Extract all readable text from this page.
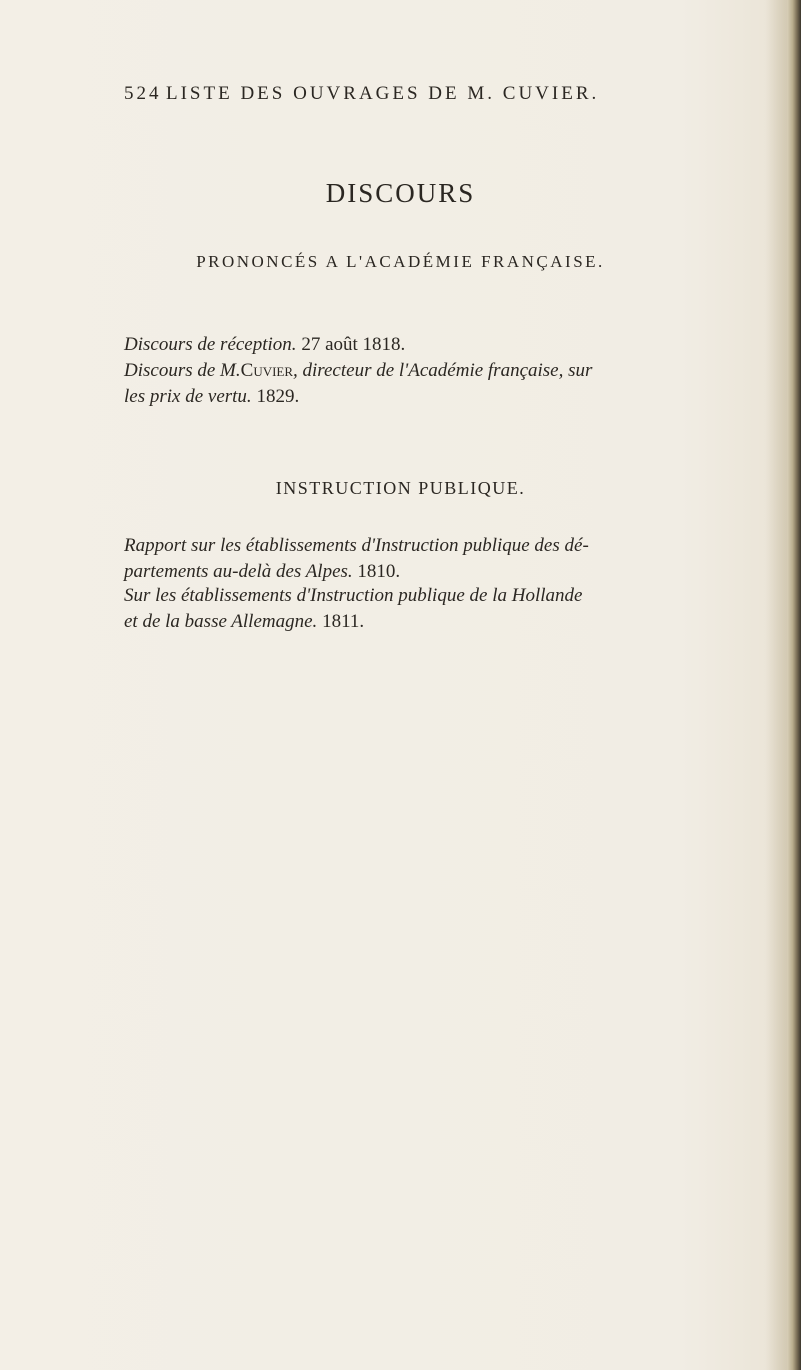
524 LISTE DES OUVRAGES DE M. CUVIER.
DISCOURS
PRONONCÉS A L'ACADÉMIE FRANÇAISE.
Discours de réception. 27 août 1818.
Discours de M.Cuvier, directeur de l'Académie française, sur
les prix de vertu. 1829.
INSTRUCTION PUBLIQUE.
Rapport sur les établissements d'Instruction publique des dé-
partements au-delà des Alpes. 1810.
Sur les établissements d'Instruction publique de la Hollande
et de la basse Allemagne. 1811.
